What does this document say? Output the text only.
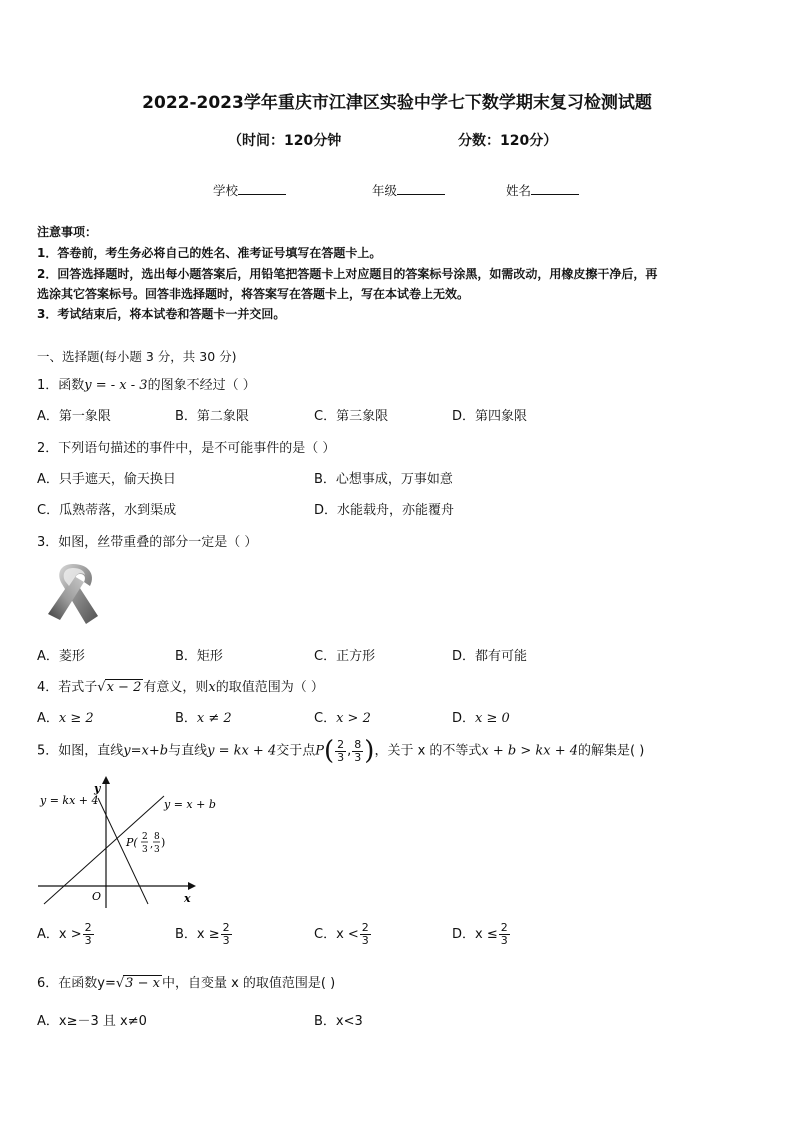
2022-2023学年重庆市江津区实验中学七下数学期末复习检测试题
（时间：120分钟	分数：120分）
学校	年级	姓名
注意事项：
1．答卷前，考生务必将自己的姓名、准考证号填写在答题卡上。
2．回答选择题时，选出每小题答案后，用铅笔把答题卡上对应题目的答案标号涂黑，如需改动，用橡皮擦干净后，再
选涂其它答案标号。回答非选择题时，将答案写在答题卡上，写在本试卷上无效。
3．考试结束后，将本试卷和答题卡一并交回。
一、选择题(每小题 3 分，共 30 分)
1．函数y = - x - 3的图象不经过（ ）
A．第一象限	B．第二象限	C．第三象限	D．第四象限
2．下列语句描述的事件中，是不可能事件的是（ ）
A．只手遮天，偷天换日	B．心想事成，万事如意
C．瓜熟蒂落，水到渠成	D．水能载舟，亦能覆舟
3．如图，丝带重叠的部分一定是（ ）
A．菱形	B．矩形	C．正方形	D．都有可能
4．若式子√x − 2 有意义，则x的取值范围为（ ）
A．x ≥ 2	B．x ≠ 2	C．x > 2	D．x ≥ 0
5．如图，直线y=x+b与直线y = kx + 4交于点$P( \frac{2}{3}$ , $\frac{8}{3}$ )，关于 x 的不等式x + b > kx + 4的解集是( )
y = kx + 4	y = x + b
y
x
O
P( 2
3 ,
8
3
)
A．$x > \frac{2}{3}$	B．$x \ge \frac{2}{3}$	C．$x < \frac{2}{3}$	D．$x \le \frac{2}{3}$
6．在函数y=√3 − x 中，自变量 x 的取值范围是( )
A．x≥－3 且 x≠0	B．x<3
